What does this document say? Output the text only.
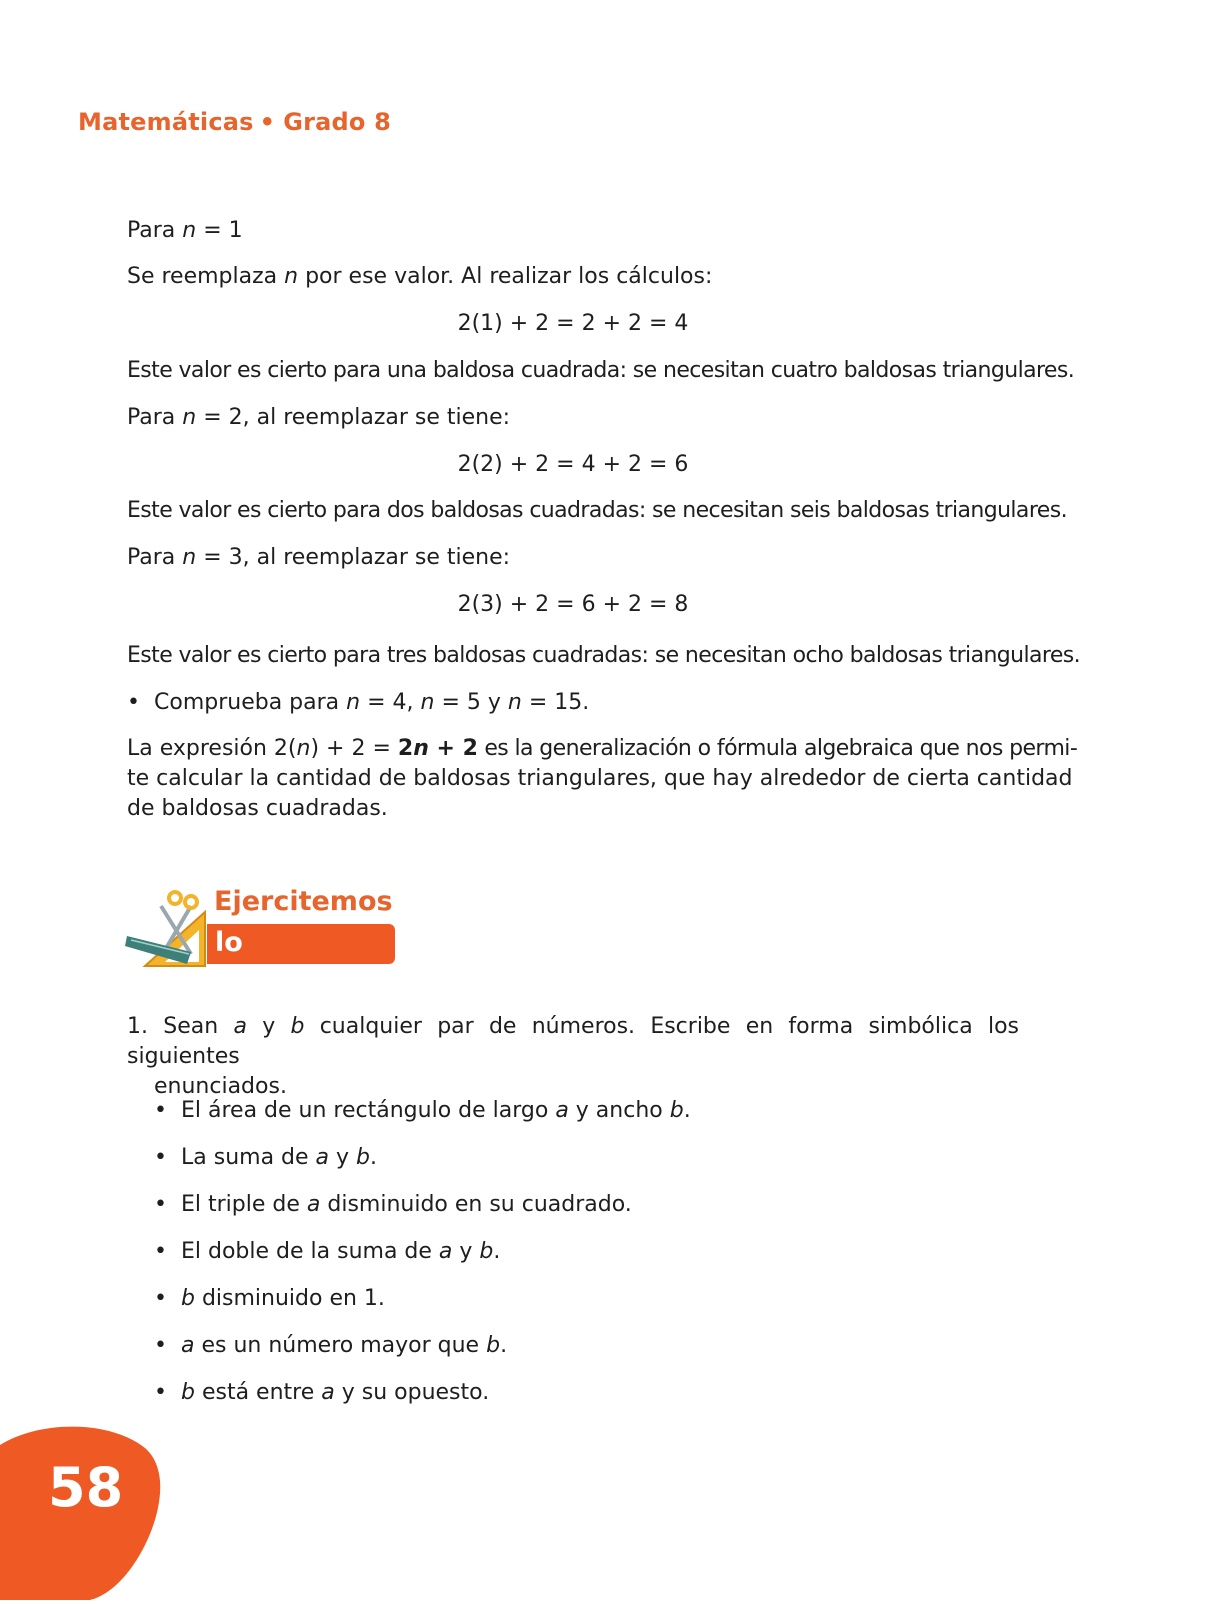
Matemáticas • Grado 8
Para n = 1
Se reemplaza n por ese valor. Al realizar los cálculos:
2(1) + 2 = 2 + 2 = 4
Este valor es cierto para una baldosa cuadrada: se necesitan cuatro baldosas triangulares.
Para n = 2, al reemplazar se tiene:
2(2) + 2 = 4 + 2 = 6
Este valor es cierto para dos baldosas cuadradas: se necesitan seis baldosas triangulares.
Para n = 3, al reemplazar se tiene:
2(3) + 2 = 6 + 2 = 8
Este valor es cierto para tres baldosas cuadradas: se necesitan ocho baldosas triangulares.
• Comprueba para n = 4, n = 5 y n = 15.
La expresión 2(n) + 2 = 2n + 2 es la generalización o fórmula algebraica que nos permi-
te calcular la cantidad de baldosas triangulares, que hay alrededor de cierta cantidad
de baldosas cuadradas.
Ejercitemos
lo aprendido
1. Sean a y b cualquier par de números. Escribe en forma simbólica los siguientes
enunciados.
• El área de un rectángulo de largo a y ancho b.
• La suma de a y b.
• El triple de a disminuido en su cuadrado.
• El doble de la suma de a y b.
• b disminuido en 1.
• a es un número mayor que b.
• b está entre a y su opuesto.
58
